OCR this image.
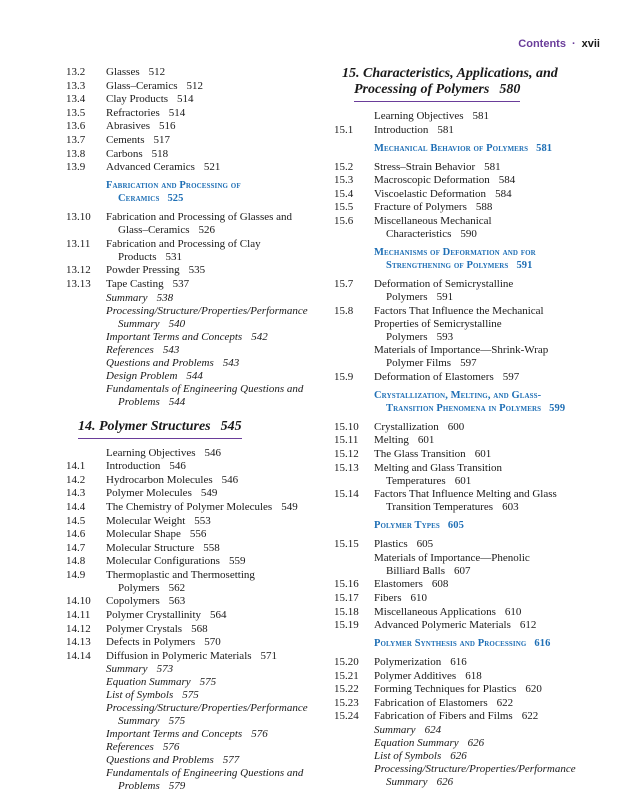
Contents · xvii
13.2	Glasses 512
13.3	Glass–Ceramics 512
13.4	Clay Products 514
13.5	Refractories 514
13.6	Abrasives 516
13.7	Cements 517
13.8	Carbons 518
13.9	Advanced Ceramics 521
Fabrication and Processing of
Ceramics 525
13.10	Fabrication and Processing of Glasses and
Glass–Ceramics 526
13.11	Fabrication and Processing of Clay
Products 531
13.12	Powder Pressing 535
13.13	Tape Casting 537
Summary 538
Processing/Structure/Properties/Performance
Summary 540
Important Terms and Concepts 542
References 543
Questions and Problems 543
Design Problem 544
Fundamentals of Engineering Questions and
Problems 544
14. Polymer Structures 545
Learning Objectives 546
14.1	Introduction 546
14.2	Hydrocarbon Molecules 546
14.3	Polymer Molecules 549
14.4	The Chemistry of Polymer Molecules 549
14.5	Molecular Weight 553
14.6	Molecular Shape 556
14.7	Molecular Structure 558
14.8	Molecular Configurations 559
14.9	Thermoplastic and Thermosetting
Polymers 562
14.10	Copolymers 563
14.11	Polymer Crystallinity 564
14.12	Polymer Crystals 568
14.13	Defects in Polymers 570
14.14	Diffusion in Polymeric Materials 571
Summary 573
Equation Summary 575
List of Symbols 575
Processing/Structure/Properties/Performance
Summary 575
Important Terms and Concepts 576
References 576
Questions and Problems 577
Fundamentals of Engineering Questions and
Problems 579
15. Characteristics, Applications, and
Processing of Polymers 580
Learning Objectives 581
15.1	Introduction 581
Mechanical Behavior of Polymers 581
15.2	Stress–Strain Behavior 581
15.3	Macroscopic Deformation 584
15.4	Viscoelastic Deformation 584
15.5	Fracture of Polymers 588
15.6	Miscellaneous Mechanical
Characteristics 590
Mechanisms of Deformation and for
Strengthening of Polymers 591
15.7	Deformation of Semicrystalline
Polymers 591
15.8	Factors That Influence the Mechanical
Properties of Semicrystalline
Polymers 593
Materials of Importance—Shrink-Wrap
Polymer Films 597
15.9	Deformation of Elastomers 597
Crystallization, Melting, and Glass-
Transition Phenomena in Polymers 599
15.10	Crystallization 600
15.11	Melting 601
15.12	The Glass Transition 601
15.13	Melting and Glass Transition
Temperatures 601
15.14	Factors That Influence Melting and Glass
Transition Temperatures 603
Polymer Types 605
15.15	Plastics 605
Materials of Importance—Phenolic
Billiard Balls 607
15.16	Elastomers 608
15.17	Fibers 610
15.18	Miscellaneous Applications 610
15.19	Advanced Polymeric Materials 612
Polymer Synthesis and Processing 616
15.20	Polymerization 616
15.21	Polymer Additives 618
15.22	Forming Techniques for Plastics 620
15.23	Fabrication of Elastomers 622
15.24	Fabrication of Fibers and Films 622
Summary 624
Equation Summary 626
List of Symbols 626
Processing/Structure/Properties/Performance
Summary 626
